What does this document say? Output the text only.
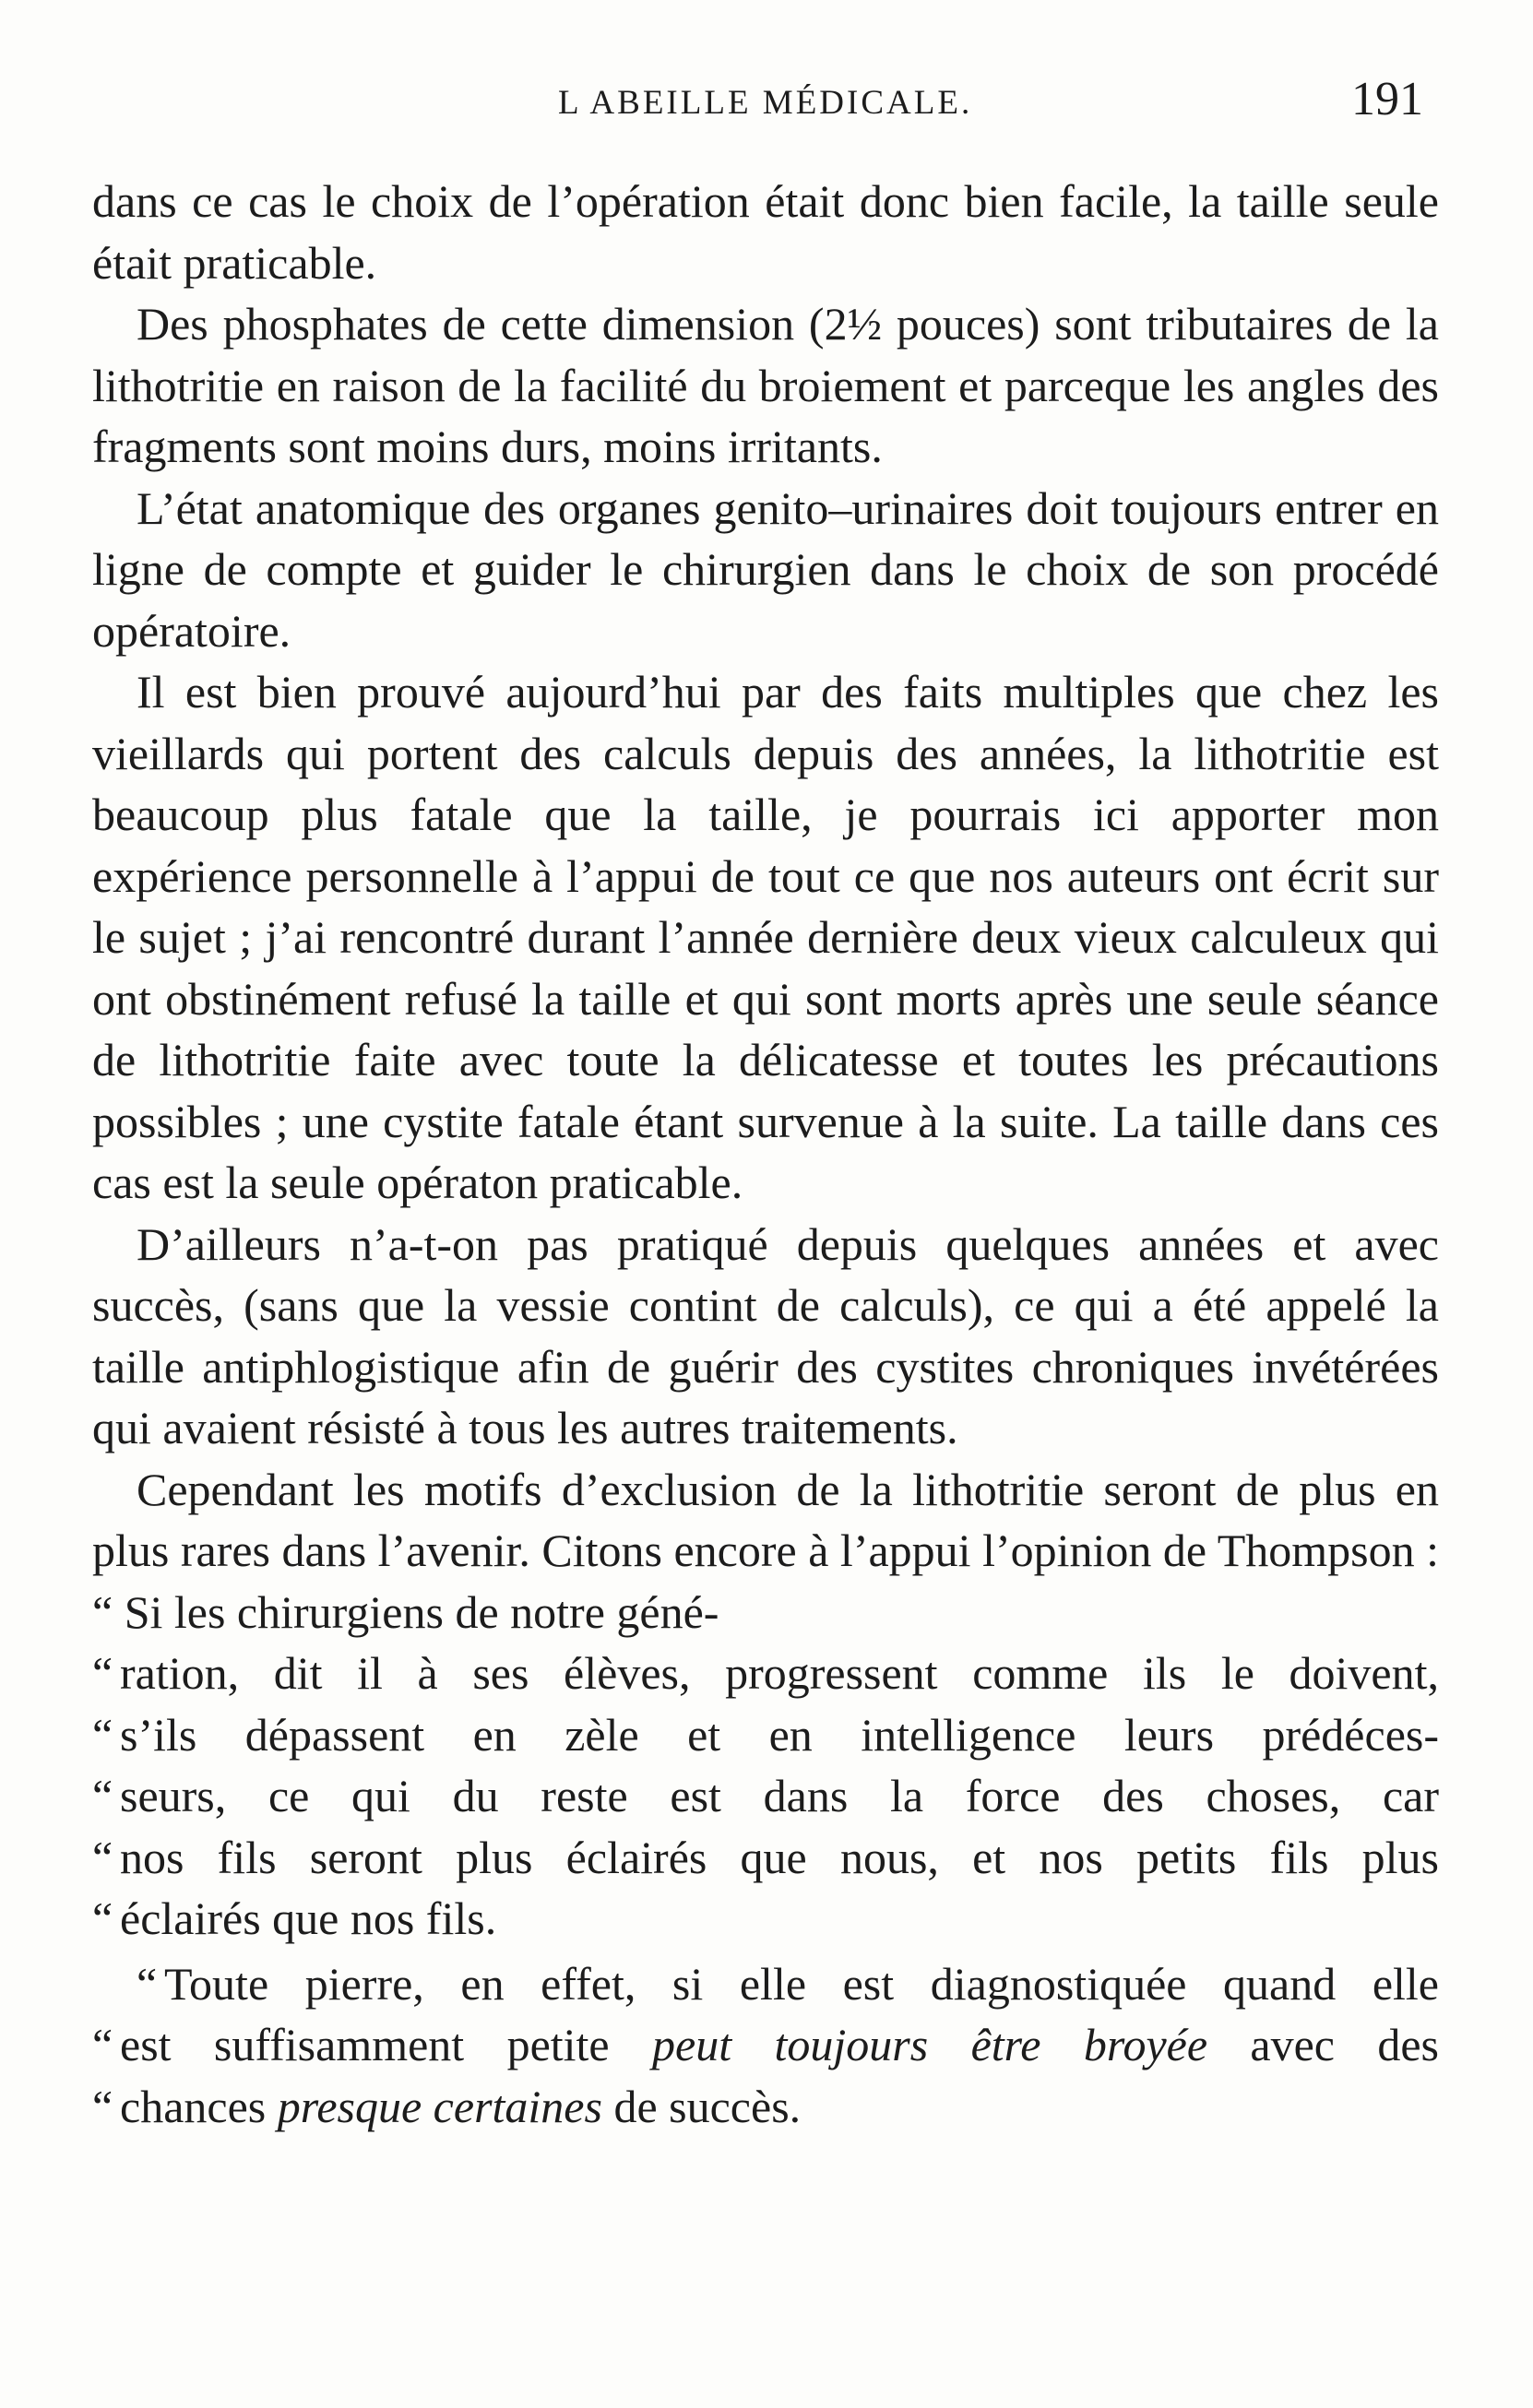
L ABEILLE MÉDICALE.	191

dans ce cas le choix de l’opération était donc bien facile, la taille seule était praticable.

Des phosphates de cette dimension (2½ pouces) sont tributaires de la lithotritie en raison de la facilité du broiement et parceque les angles des fragments sont moins durs, moins irritants.

L’état anatomique des organes genito–urinaires doit toujours entrer en ligne de compte et guider le chirurgien dans le choix de son procédé opératoire.

Il est bien prouvé aujourd’hui par des faits multiples que chez les vieillards qui portent des calculs depuis des années, la lithotritie est beaucoup plus fatale que la taille, je pourrais ici apporter mon expérience personnelle à l’appui de tout ce que nos auteurs ont écrit sur le sujet ; j’ai rencontré durant l’année dernière deux vieux calculeux qui ont obstinément refusé la taille et qui sont morts après une seule séance de lithotritie faite avec toute la délicatesse et toutes les précautions possibles ; une cystite fatale étant survenue à la suite. La taille dans ces cas est la seule opératon praticable.

D’ailleurs n’a-t-on pas pratiqué depuis quelques années et avec succès, (sans que la vessie contint de calculs), ce qui a été appelé la taille antiphlogistique afin de guérir des cystites chroniques invétérées qui avaient résisté à tous les autres traitements.

Cependant les motifs d’exclusion de la lithotritie seront de plus en plus rares dans l’avenir. Citons encore à l’appui l’opinion de Thompson : “ Si les chirurgiens de notre géné-

“ ration, dit il à ses élèves, progressent comme ils le doivent,
“ s’ils dépassent en zèle et en intelligence leurs prédéces-
“ seurs, ce qui du reste est dans la force des choses, car
“ nos fils seront plus éclairés que nous, et nos petits fils plus
“ éclairés que nos fils.
“ Toute pierre, en effet, si elle est diagnostiquée quand elle
“ est suffisamment petite peut toujours être broyée avec des
“ chances presque certaines de succès.
